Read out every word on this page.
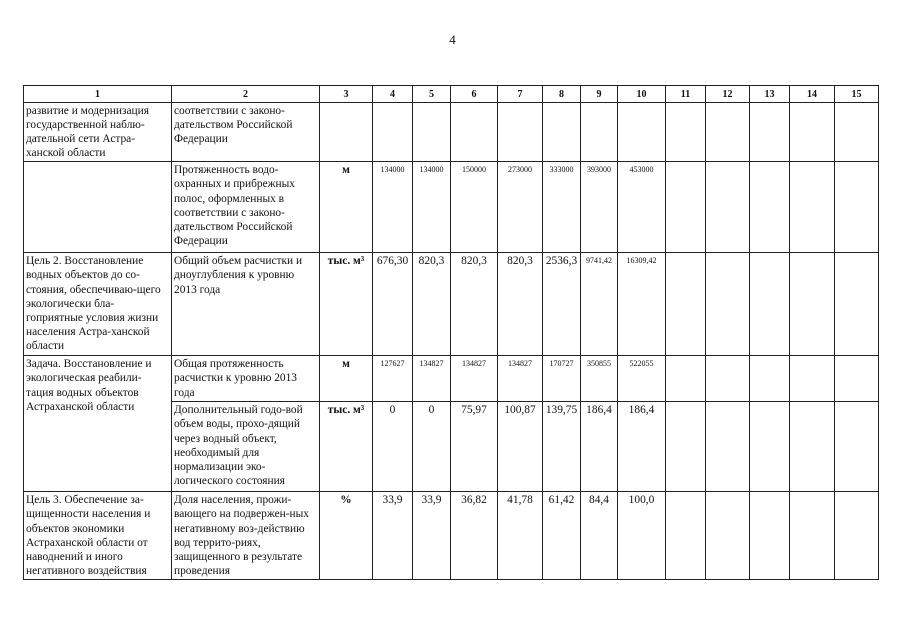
4
1	2	3	4	5	6	7	8	9	10	11	12	13	14	15
развитие и модернизация государственной наблю-дательной сети Астра-ханской области	соответствии с законо-дательством Российской Федерации													
	Протяженность водо-охранных и прибрежных полос, оформленных в соответствии с законо-дательством Российской Федерации	м	134000	134000	150000	273000	333000	393000	453000					
Цель 2. Восстановление водных объектов до со-стояния, обеспечиваю-щего экологически бла-гоприятные условия жизни населения Астра-ханской области	Общий объем расчистки и дноуглубления к уровню 2013 года	тыс. м³	676,30	820,3	820,3	820,3	2536,3	9741,42	16309,42					
Задача. Восстановление и экологическая реабили-тация водных объектов Астраханской области	Общая протяженность расчистки к уровню 2013 года	м	127627	134827	134827	134827	170727	350855	522055					
	Дополнительный годо-вой объем воды, прохо-дящий через водный объект, необходимый для нормализации эко-логического состояния	тыс. м³	0	0	75,97	100,87	139,75	186,4	186,4					
Цель 3. Обеспечение за-щищенности населения и объектов экономики Астраханской области от наводнений и иного негативного воздействия	Доля населения, прожи-вающего на подвержен-ных негативному воз-действию вод террито-риях, защищенного в результате проведения	%	33,9	33,9	36,82	41,78	61,42	84,4	100,0					
